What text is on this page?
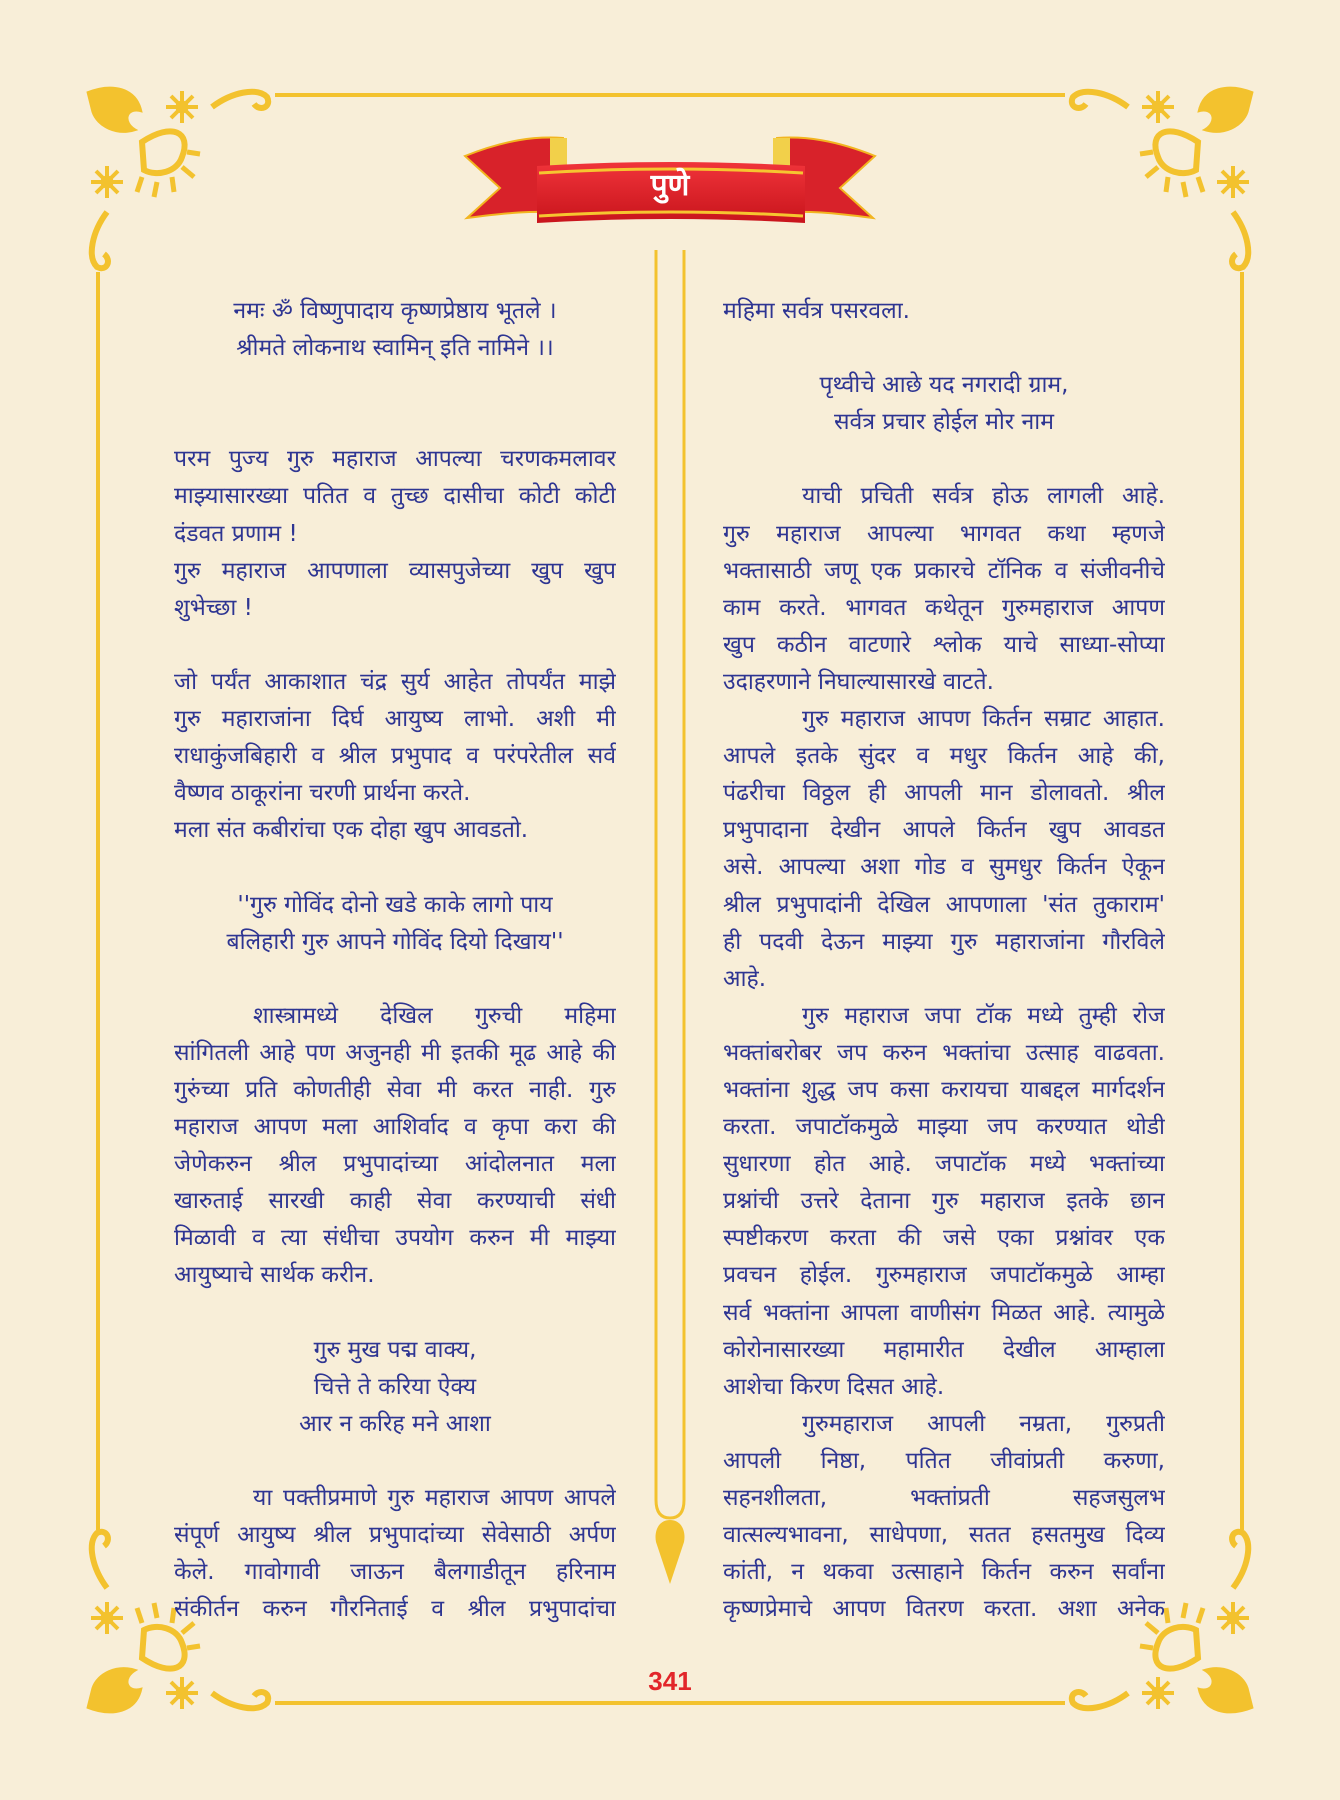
पुणे
नमः ॐ विष्णुपादाय कृष्णप्रेष्ठाय भूतले ।
श्रीमते लोकनाथ स्वामिन् इति नामिने ।।
परम पुज्य गुरु महाराज आपल्या चरणकमलावर
माझ्यासारख्या पतित व तुच्छ दासीचा कोटी कोटी
दंडवत प्रणाम !
गुरु महाराज आपणाला व्यासपुजेच्या खुप खुप
शुभेच्छा !
जो पर्यंत आकाशात चंद्र सुर्य आहेत तोपर्यंत माझे
गुरु महाराजांना दिर्घ आयुष्य लाभो. अशी मी
राधाकुंजबिहारी व श्रील प्रभुपाद व परंपरेतील सर्व
वैष्णव ठाकूरांना चरणी प्रार्थना करते.
मला संत कबीरांचा एक दोहा खुप आवडतो.
''गुरु गोविंद दोनो खडे काके लागो पाय
बलिहारी गुरु आपने गोविंद दियो दिखाय''
शास्त्रामध्ये देखिल गुरुची महिमा
सांगितली आहे पण अजुनही मी इतकी मूढ आहे की
गुरुंच्या प्रति कोणतीही सेवा मी करत नाही. गुरु
महाराज आपण मला आशिर्वाद व कृपा करा की
जेणेकरुन श्रील प्रभुपादांच्या आंदोलनात मला
खारुताई सारखी काही सेवा करण्याची संधी
मिळावी व त्या संधीचा उपयोग करुन मी माझ्या
आयुष्याचे सार्थक करीन.
गुरु मुख पद्म वाक्य,
चित्ते ते करिया ऐक्य
आर न करिह मने आशा
या पक्तीप्रमाणे गुरु महाराज आपण आपले
संपूर्ण आयुष्य श्रील प्रभुपादांच्या सेवेसाठी अर्पण
केले. गावोगावी जाऊन बैलगाडीतून हरिनाम
संकीर्तन करुन गौरनिताई व श्रील प्रभुपादांचा
महिमा सर्वत्र पसरवला.
पृथ्वीचे आछे यद नगरादी ग्राम,
सर्वत्र प्रचार होईल मोर नाम
याची प्रचिती सर्वत्र होऊ लागली आहे.
गुरु महाराज आपल्या भागवत कथा म्हणजे
भक्तासाठी जणू एक प्रकारचे टॉनिक व संजीवनीचे
काम करते. भागवत कथेतून गुरुमहाराज आपण
खुप कठीन वाटणारे श्लोक याचे साध्या-सोप्या
उदाहरणाने निघाल्यासारखे वाटते.
गुरु महाराज आपण किर्तन सम्राट आहात.
आपले इतके सुंदर व मधुर किर्तन आहे की,
पंढरीचा विठ्ठल ही आपली मान डोलावतो. श्रील
प्रभुपादाना देखीन आपले किर्तन खुप आवडत
असे. आपल्या अशा गोड व सुमधुर किर्तन ऐकून
श्रील प्रभुपादांनी देखिल आपणाला 'संत तुकाराम'
ही पदवी देऊन माझ्या गुरु महाराजांना गौरविले
आहे.
गुरु महाराज जपा टॉक मध्ये तुम्ही रोज
भक्तांबरोबर जप करुन भक्तांचा उत्साह वाढवता.
भक्तांना शुद्ध जप कसा करायचा याबद्दल मार्गदर्शन
करता. जपाटॉकमुळे माझ्या जप करण्यात थोडी
सुधारणा होत आहे. जपाटॉक मध्ये भक्तांच्या
प्रश्नांची उत्तरे देताना गुरु महाराज इतके छान
स्पष्टीकरण करता की जसे एका प्रश्नांवर एक
प्रवचन होईल. गुरुमहाराज जपाटॉकमुळे आम्हा
सर्व भक्तांना आपला वाणीसंग मिळत आहे. त्यामुळे
कोरोनासारख्या महामारीत देखील आम्हाला
आशेचा किरण दिसत आहे.
गुरुमहाराज आपली नम्रता, गुरुप्रती
आपली निष्ठा, पतित जीवांप्रती करुणा,
सहनशीलता, भक्तांप्रती सहजसुलभ
वात्सल्यभावना, साधेपणा, सतत हसतमुख दिव्य
कांती, न थकवा उत्साहाने किर्तन करुन सर्वांना
कृष्णप्रेमाचे आपण वितरण करता. अशा अनेक
341
